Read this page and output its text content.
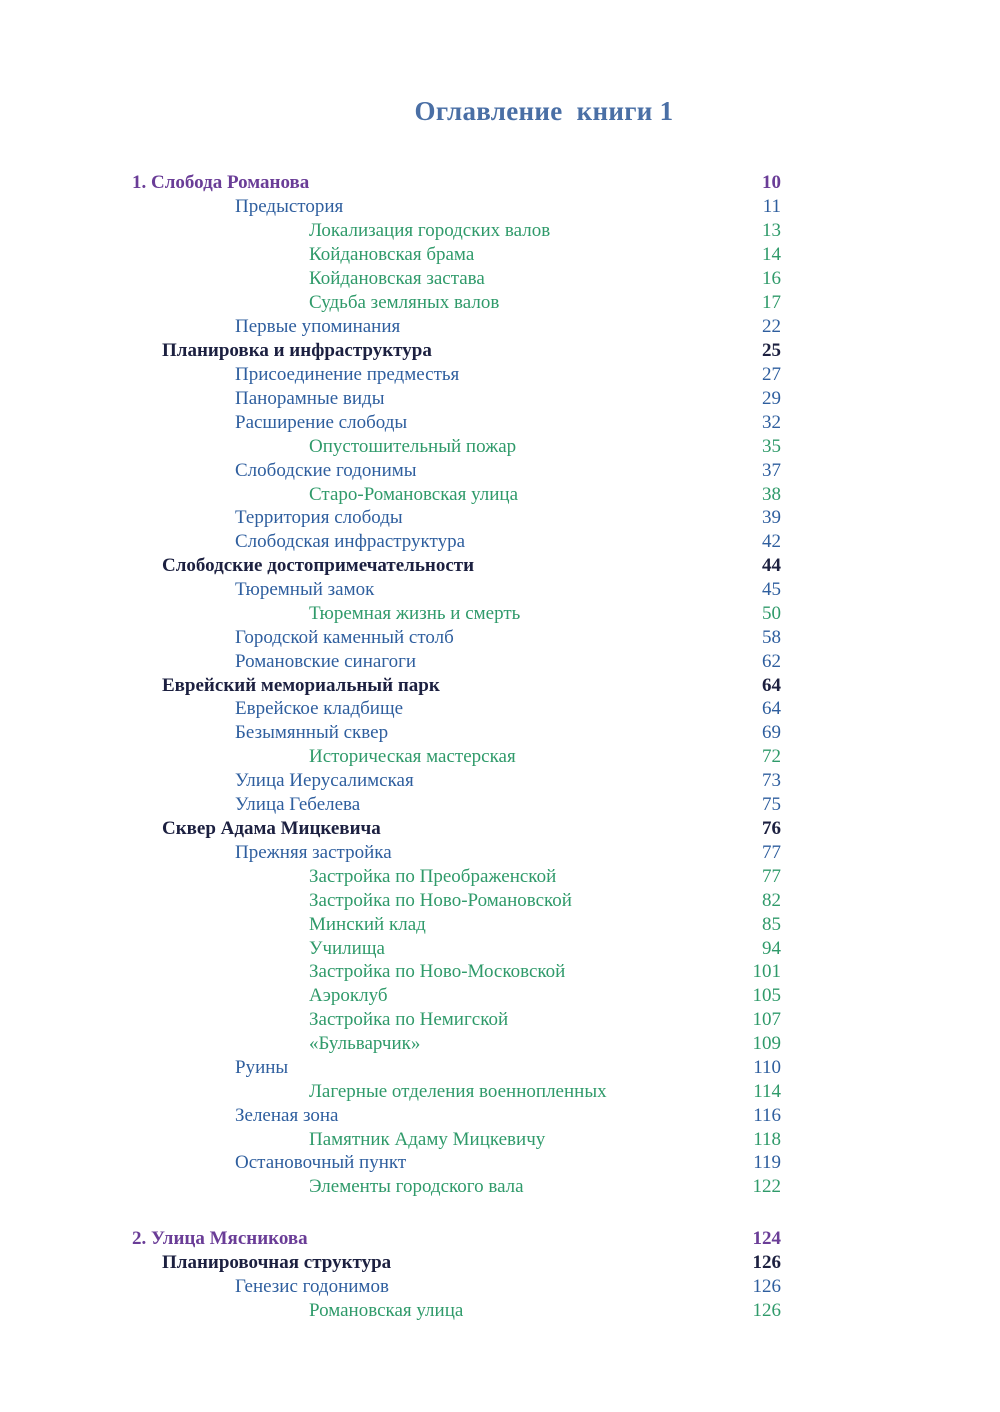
Оглавление  книги 1
1. Слобода Романова	10
Предыстория	11
Локализация городских валов	13
Койдановская брама	14
Койдановская застава	16
Судьба земляных валов	17
Первые упоминания	22
Планировка и инфраструктура	25
Присоединение предместья	27
Панорамные виды	29
Расширение слободы	32
Опустошительный пожар	35
Слободские годонимы	37
Старо-Романовская улица	38
Территория слободы	39
Слободская инфраструктура	42
Слободские достопримечательности	44
Тюремный замок	45
Тюремная жизнь и смерть	50
Городской каменный столб	58
Романовские синагоги	62
Еврейский мемориальный парк	64
Еврейское кладбище	64
Безымянный сквер	69
Историческая мастерская	72
Улица Иерусалимская	73
Улица Гебелева	75
Сквер Адама Мицкевича	76
Прежняя застройка	77
Застройка по Преображенской	77
Застройка по Ново-Романовской	82
Минский клад	85
Училища	94
Застройка по Ново-Московской	101
Аэроклуб	105
Застройка по Немигской	107
«Бульварчик»	109
Руины	110
Лагерные отделения военнопленных	114
Зеленая зона	116
Памятник Адаму Мицкевичу	118
Остановочный пункт	119
Элементы городского вала	122
2. Улица Мясникова	124
Планировочная структура	126
Генезис годонимов	126
Романовская улица	126
